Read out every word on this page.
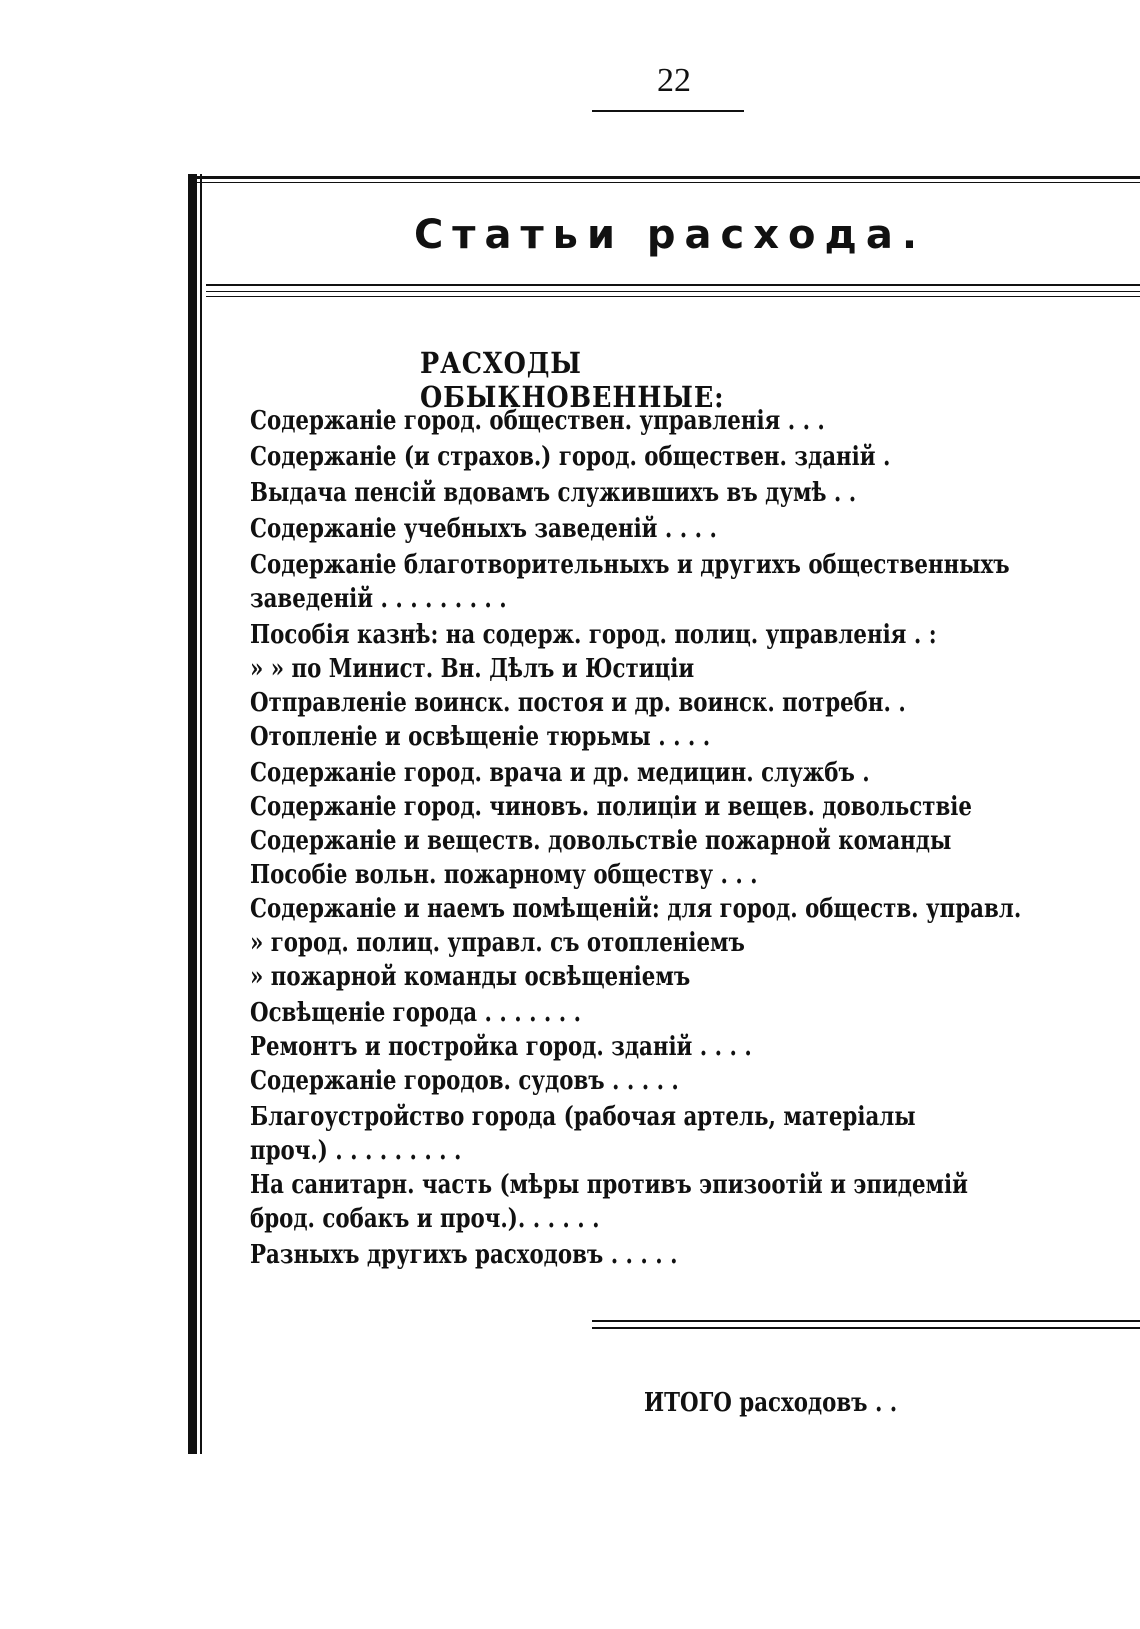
22
Статьи расхода.
РАСХОДЫ ОБЫКНОВЕННЫЕ:
Содержаніе город. обществен. управленія . . .
Содержаніе (и страхов.) город. обществен. зданій .
Выдача пенсій вдовамъ служившихъ въ думѣ . .
Содержаніе учебныхъ заведеній . . . .
Содержаніе благотворительныхъ и другихъ общественныхъ
заведеній . . . . . . . . .
Пособія казнѣ: на содерж. город. полиц. управленія . :
» » по Минист. Вн. Дѣлъ и Юстиціи
Отправленіе воинск. постоя и др. воинск. потребн. .
Отопленіе и освѣщеніе тюрьмы . . . .
Содержаніе город. врача и др. медицин. службъ .
Содержаніе город. чиновъ. полиціи и вещев. довольствіе
Содержаніе и веществ. довольствіе пожарной команды
Пособіе вольн. пожарному обществу . . .
Содержаніе и наемъ помѣщеній: для город. обществ. управл.
» город. полиц. управл. съ отопленіемъ
» пожарной команды освѣщеніемъ
Освѣщеніе города . . . . . . .
Ремонтъ и постройка город. зданій . . . .
Содержаніе городов. судовъ . . . . .
Благоустройство города (рабочая артель, матеріалы
проч.) . . . . . . . . .
На санитарн. часть (мѣры противъ эпизоотій и эпидемій
брод. собакъ и проч.). . . . . .
Разныхъ другихъ расходовъ . . . . .
ИТОГО расходовъ . .
